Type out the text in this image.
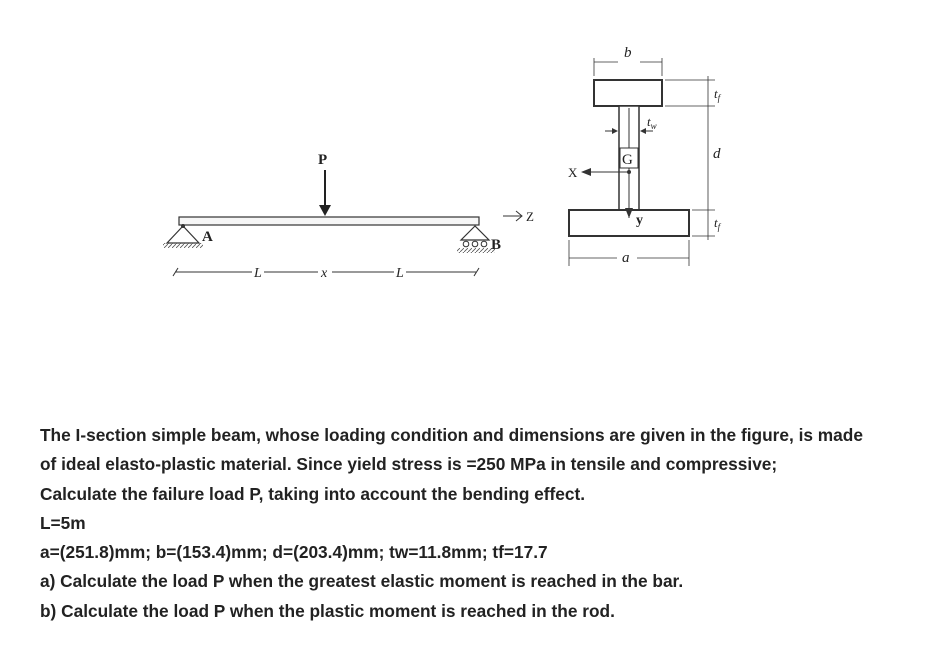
A	B
P
Z
L	x	L
b
a
$t_f$
d
$t_f$
$t_w$
G
X
y
The I-section simple beam, whose loading condition and dimensions are given in the figure, is made
of ideal elasto-plastic material. Since yield stress is =250 MPa in tensile and compressive;
Calculate the failure load P, taking into account the bending effect.
L=5m
a=(251.8)mm; b=(153.4)mm; d=(203.4)mm; tw=11.8mm; tf=17.7
a) Calculate the load P when the greatest elastic moment is reached in the bar.
b) Calculate the load P when the plastic moment is reached in the rod.
